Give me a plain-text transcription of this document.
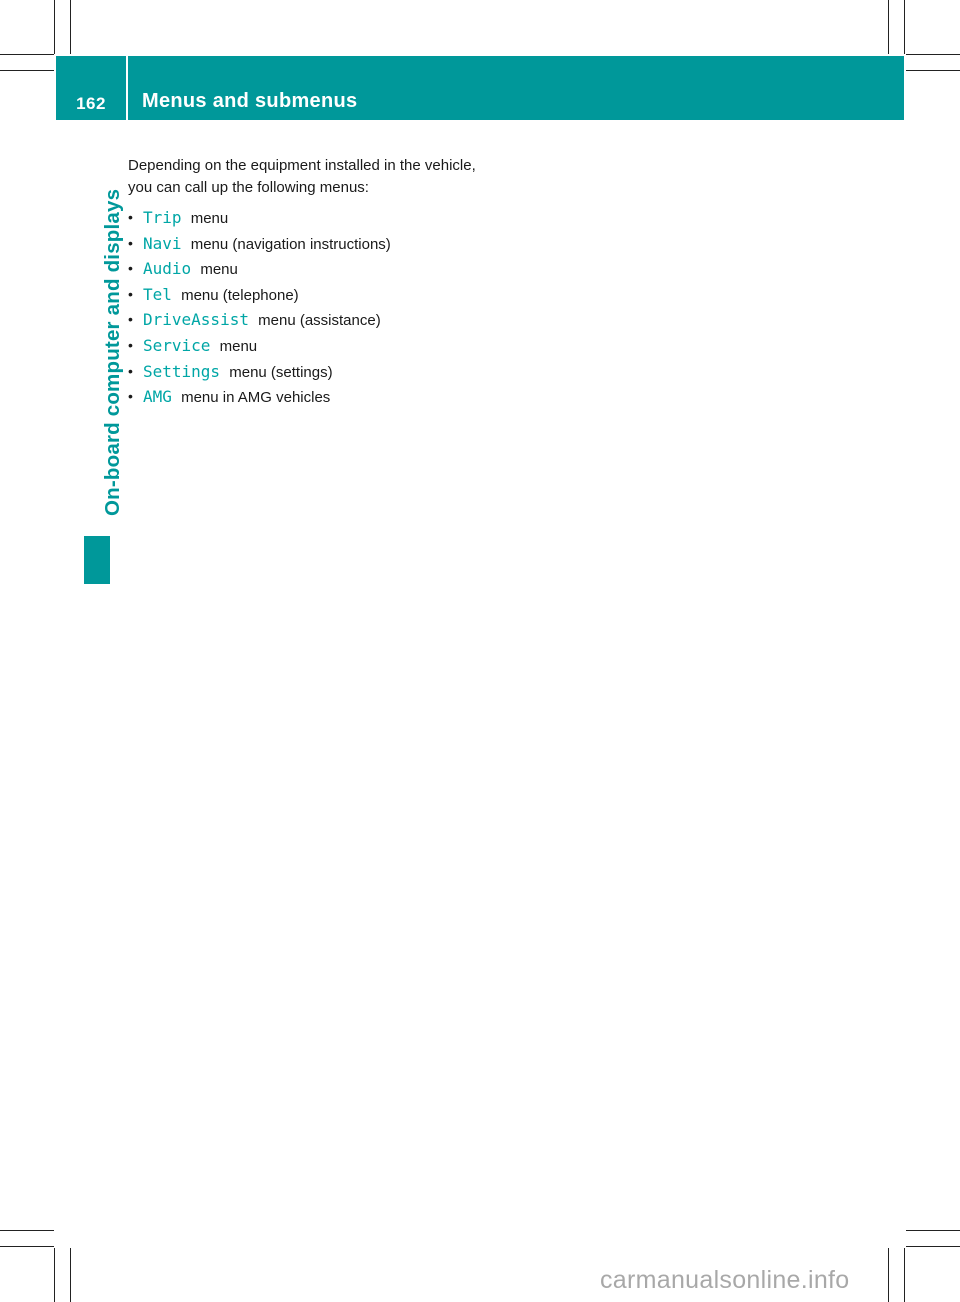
162	Menus and submenus
On-board computer and displays

Depending on the equipment installed in the vehicle, you can call up the following menus:

• Trip menu
• Navi menu (navigation instructions)
• Audio menu
• Tel menu (telephone)
• DriveAssist menu (assistance)
• Service menu
• Settings menu (settings)
• AMG menu in AMG vehicles
carmanualsonline.info
